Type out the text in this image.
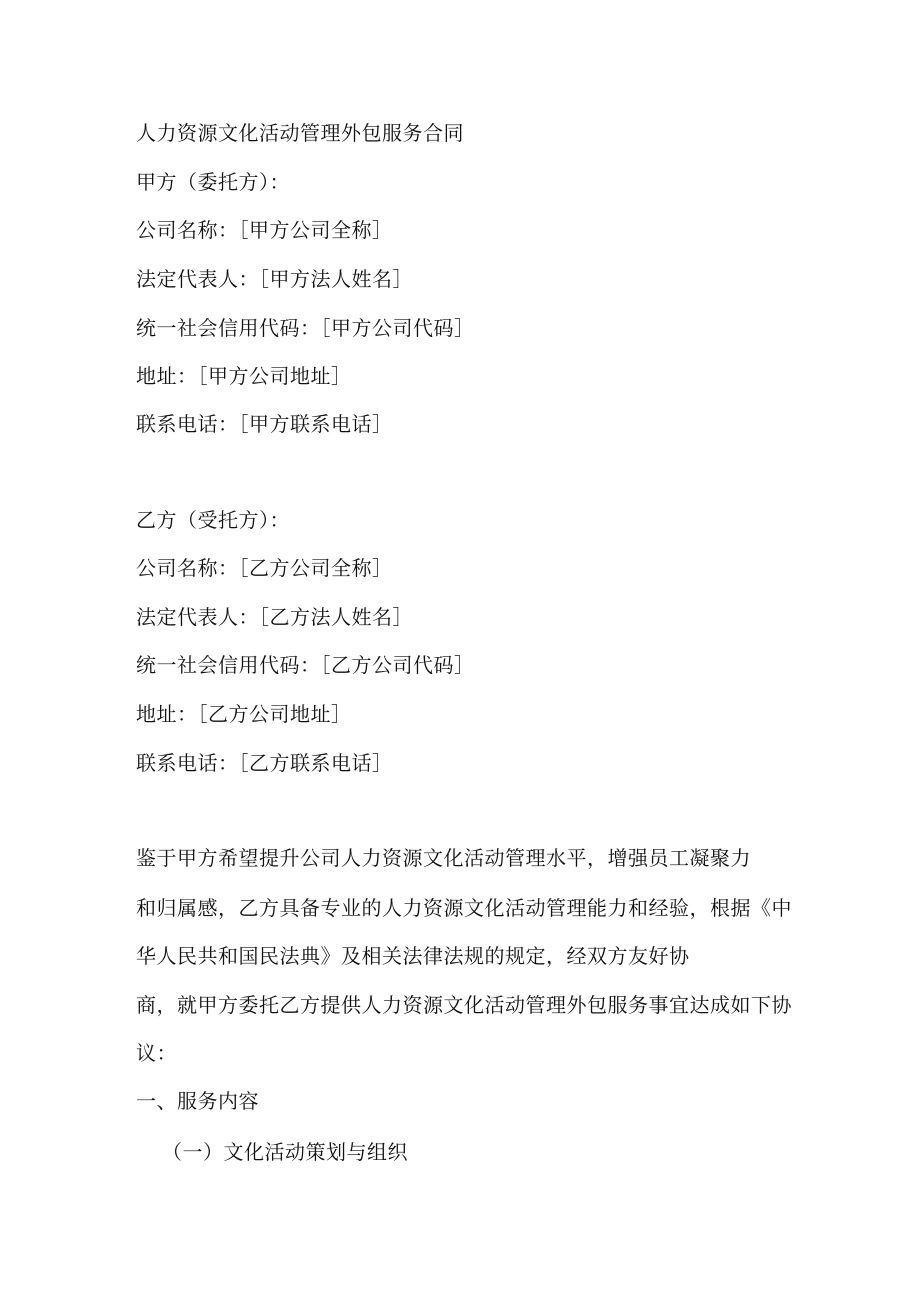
人力资源文化活动管理外包服务合同
甲方（委托方）：
公司名称：［甲方公司全称］
法定代表人：［甲方法人姓名］
统一社会信用代码：［甲方公司代码］
地址：［甲方公司地址］
联系电话：［甲方联系电话］
乙方（受托方）：
公司名称：［乙方公司全称］
法定代表人：［乙方法人姓名］
统一社会信用代码：［乙方公司代码］
地址：［乙方公司地址］
联系电话：［乙方联系电话］
鉴于甲方希望提升公司人力资源文化活动管理水平，增强员工凝聚力
和归属感，乙方具备专业的人力资源文化活动管理能力和经验，根据《中
华人民共和国民法典》及相关法律法规的规定，经双方友好协
商，就甲方委托乙方提供人力资源文化活动管理外包服务事宜达成如下协
议：
一、服务内容
（一）文化活动策划与组织
